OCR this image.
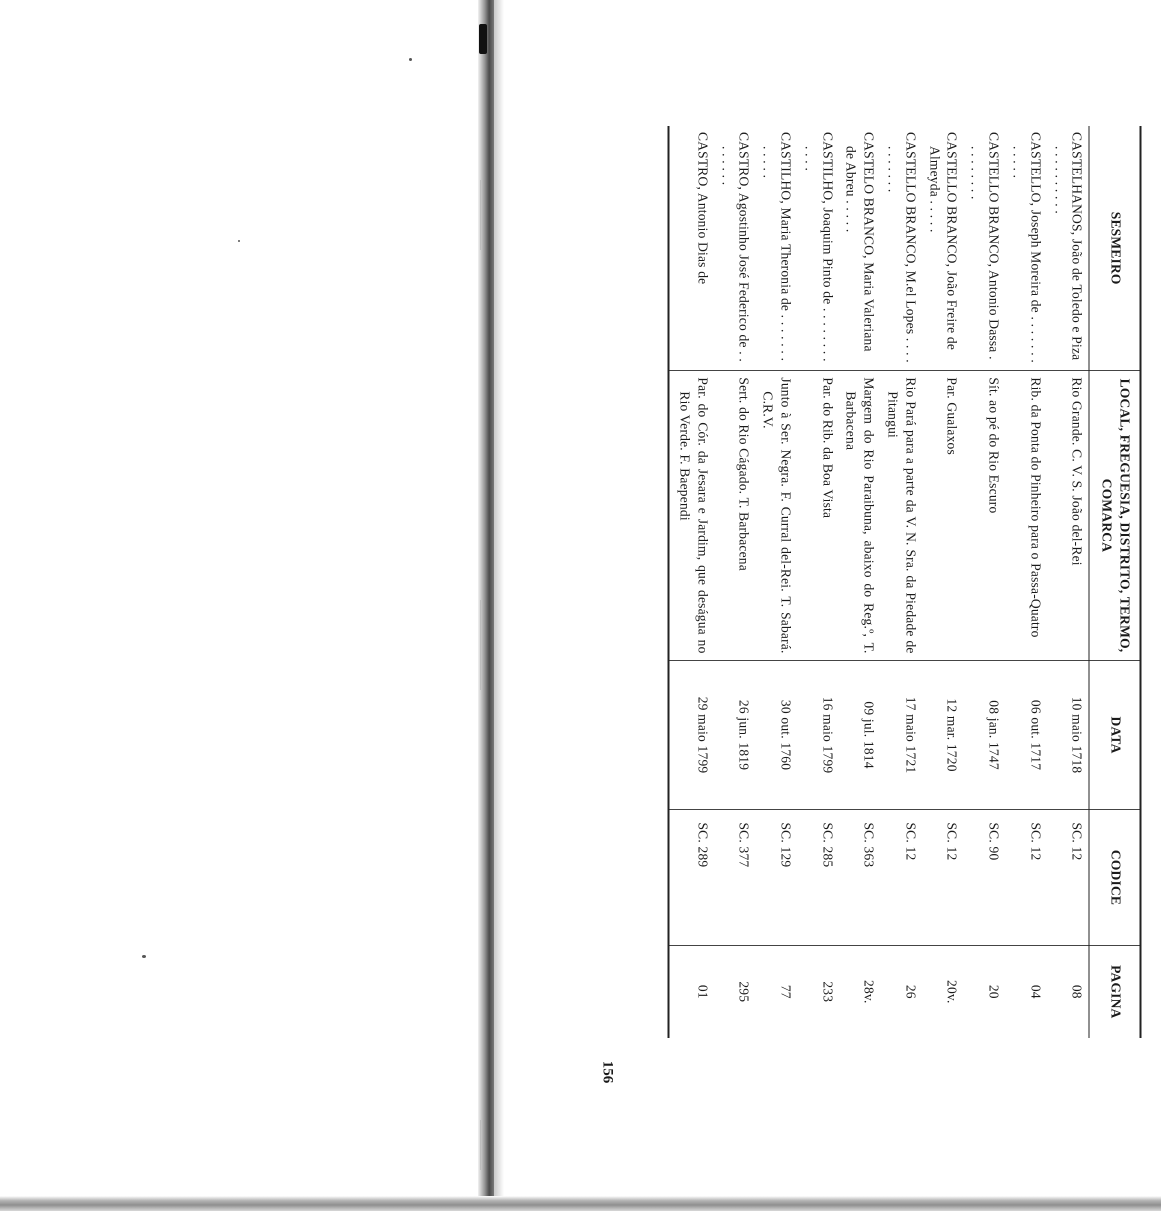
156
SESMEIRO	LOCAL, FREGUESIA, DISTRITO, TERMO, COMARCA	DATA	CODICE	PAGINA
CASTELHANOS, João de Toledo e Piza . . . . . . . . . .	Rio Grande. C. V. S. João del-Rei	10 maio 1718	SC. 12	08
CASTELLO, Joseph Moreira de . . . . . . . . . . . .	Rib. da Ponta do Pinheiro para o Passa-Quatro	06 out. 1717	SC. 12	04
CASTELLO BRANCO, Antonio Dassa . . . . . . . . .	Sít. ao pé do Rio Escuro	08 jan. 1747	SC. 90	20
CASTELLO BRANCO, João Freire de Almeyda . . . . .	Par. Gualaxos	12 mar. 1720	SC. 12	20v.
CASTELLO BRANCO, M.el Lopes . . . . . . . . . . .	Rio Pará para a parte da V. N. Sra. da Piedade de Pitangui	17 maio 1721	SC. 12	26
CASTELO BRANCO, Maria Valeriana de Abreu . . . . .	Margem do Rio Paraibuna, abaixo do Reg.º, T. Barbacena	09 jul. 1814	SC. 363	28v.
CASTILHO, Joaquim Pinto de . . . . . . . . . . . .	Par. do Rib. da Boa Vista	16 maio 1799	SC. 285	233
CASTILHO, Maria Theronia de . . . . . . . . . . . .	Junto à Ser. Negra. F. Curral del-Rei. T. Sabará. C.R.V.	30 out. 1760	SC. 129	77
CASTRO, Agostinho José Federico de . . . . . . . .	Sert. do Rio Cágado. T. Barbacena	26 jun. 1819	SC. 377	295
CASTRO, Antonio Dias de	Par. do Cór. da Jesara e Jardim, que deságua no Rio Verde. F. Baependi	29 maio 1799	SC. 289	01
